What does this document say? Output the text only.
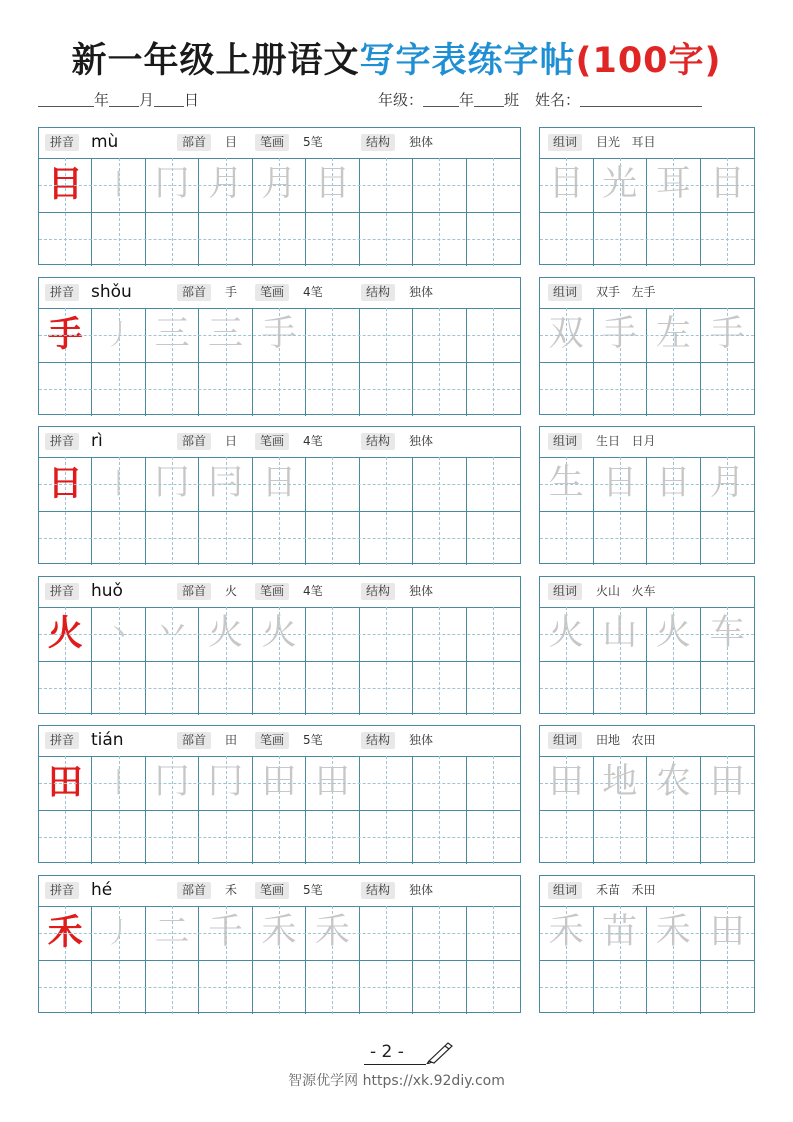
新一年级上册语文写字表练字帖(100字)
年 月 日	年级： 年 班 姓名：
拼音 mù	部首	目	笔画	5笔	结构	独体
目 丨 冂 月 月 目
组词	目光   耳目
目 光 耳 目
拼音 shǒu	部首	手	笔画	4笔	结构	独体
手 丿 三 三 手
组词	双手   左手
双 手 左 手
拼音 rì	部首	日	笔画	4笔	结构	独体
日 丨 冂 冃 日
组词	生日   日月
生 日 日 月
拼音 huǒ	部首	火	笔画	4笔	结构	独体
火 丶 丷 火 火
组词	火山   火车
火 山 火 车
拼音 tián	部首	田	笔画	5笔	结构	独体
田 丨 冂 冂 田 田
组词	田地   农田
田 地 农 田
拼音 hé	部首	禾	笔画	5笔	结构	独体
禾 丿 二 千 禾 禾
组词	禾苗   禾田
禾 苗 禾 田
- 2 -
智源优学网 https://xk.92diy.com
